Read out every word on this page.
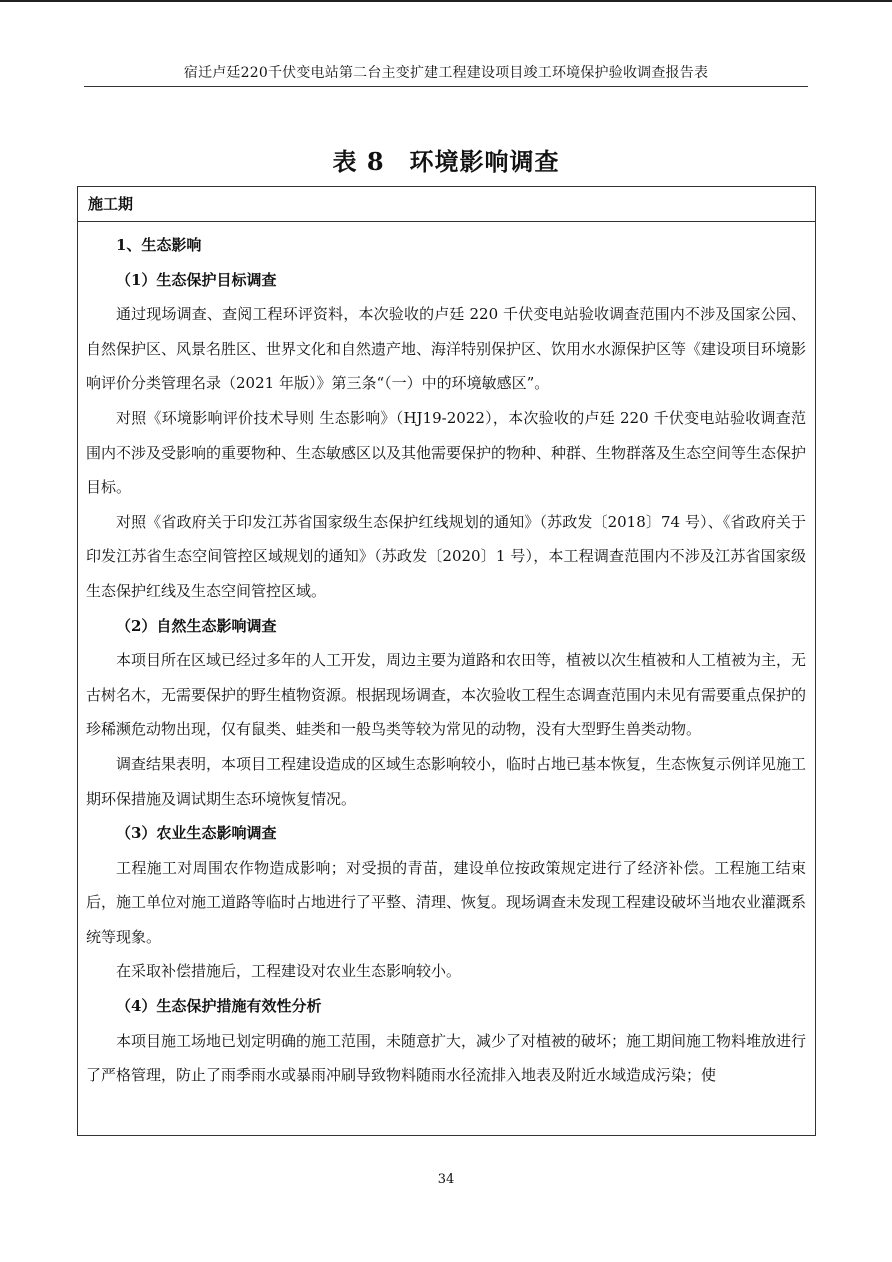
宿迁卢廷220千伏变电站第二台主变扩建工程建设项目竣工环境保护验收调查报告表
表 8　环境影响调查
施工期

1、生态影响

（1）生态保护目标调查

通过现场调查、查阅工程环评资料，本次验收的卢廷 220 千伏变电站验收调查范围内不涉及国家公园、自然保护区、风景名胜区、世界文化和自然遗产地、海洋特别保护区、饮用水水源保护区等《建设项目环境影响评价分类管理名录（2021 年版）》第三条“（一）中的环境敏感区”。

对照《环境影响评价技术导则 生态影响》（HJ19-2022），本次验收的卢廷 220 千伏变电站验收调查范围内不涉及受影响的重要物种、生态敏感区以及其他需要保护的物种、种群、生物群落及生态空间等生态保护目标。

对照《省政府关于印发江苏省国家级生态保护红线规划的通知》（苏政发〔2018〕74 号）、《省政府关于印发江苏省生态空间管控区域规划的通知》（苏政发〔2020〕1 号），本工程调查范围内不涉及江苏省国家级生态保护红线及生态空间管控区域。

（2）自然生态影响调查

本项目所在区域已经过多年的人工开发，周边主要为道路和农田等，植被以次生植被和人工植被为主，无古树名木，无需要保护的野生植物资源。根据现场调查，本次验收工程生态调查范围内未见有需要重点保护的珍稀濒危动物出现，仅有鼠类、蛙类和一般鸟类等较为常见的动物，没有大型野生兽类动物。

调查结果表明，本项目工程建设造成的区域生态影响较小，临时占地已基本恢复，生态恢复示例详见施工期环保措施及调试期生态环境恢复情况。

（3）农业生态影响调查

工程施工对周围农作物造成影响；对受损的青苗，建设单位按政策规定进行了经济补偿。工程施工结束后，施工单位对施工道路等临时占地进行了平整、清理、恢复。现场调查未发现工程建设破坏当地农业灌溉系统等现象。

在采取补偿措施后，工程建设对农业生态影响较小。

（4）生态保护措施有效性分析

本项目施工场地已划定明确的施工范围，未随意扩大，减少了对植被的破坏；施工期间施工物料堆放进行了严格管理，防止了雨季雨水或暴雨冲刷导致物料随雨水径流排入地表及附近水域造成污染；使

34
